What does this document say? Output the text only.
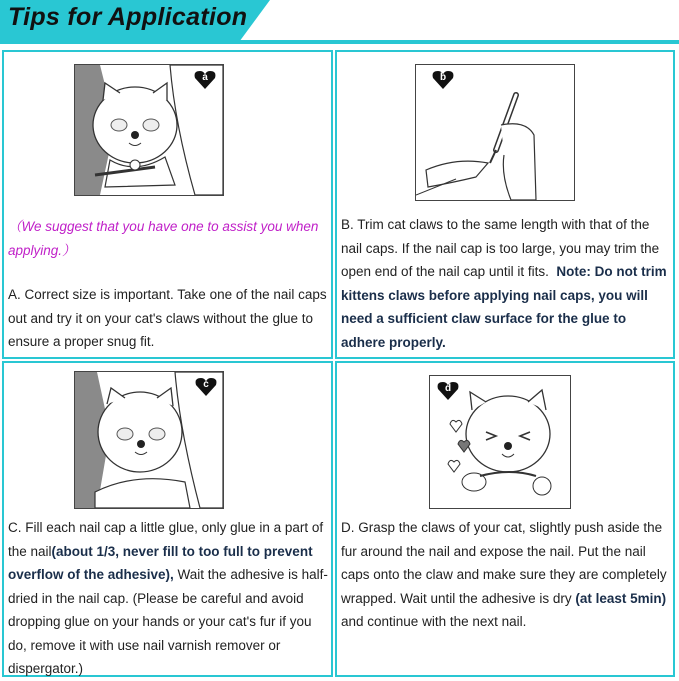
Tips for Application
a
（We suggest that you have one to assist you when applying.）
A. Correct size is important. Take one of the nail caps out and try it on your cat's claws without the glue to ensure a proper snug fit.
b
B. Trim cat claws to the same length with that of the nail caps. If the nail cap is too large, you may trim the open end of the nail cap until it fits. Note: Do not trim kittens claws before applying nail caps, you will need a sufficient claw surface for the glue to adhere properly.
c
C. Fill each nail cap a little glue, only glue in a part of the nail(about 1/3, never fill to too full to prevent overflow of the adhesive), Wait the adhesive is half-dried in the nail cap. (Please be careful and avoid dropping glue on your hands or your cat's fur if you do, remove it with use nail varnish remover or dispergator.)
d
D. Grasp the claws of your cat, slightly push aside the fur around the nail and expose the nail. Put the nail caps onto the claw and make sure they are completely wrapped. Wait until the adhesive is dry (at least 5min) and continue with the next nail.
